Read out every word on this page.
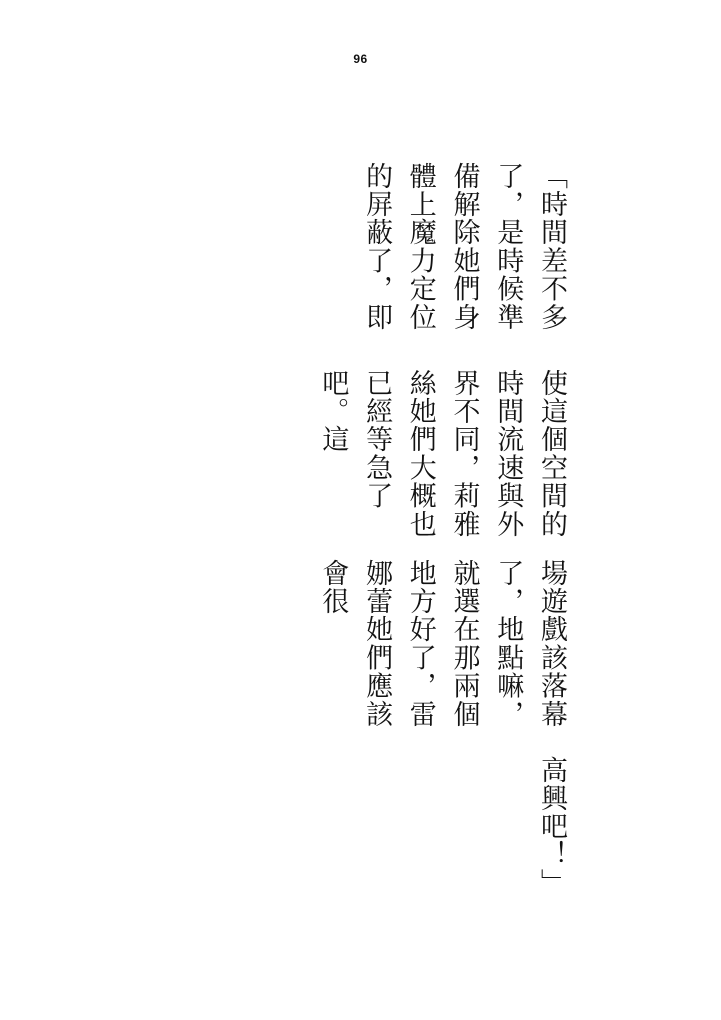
96
「時間差不多了，是時候準備解除她們身體上魔力定位的屏蔽了，即
使這個空間的時間流速與外界不同，莉雅絲她們大概也已經等急了吧。這
場遊戲該落幕了，地點嘛，就選在那兩個地方好了，雷娜蕾她們應該會很
高興吧！」
